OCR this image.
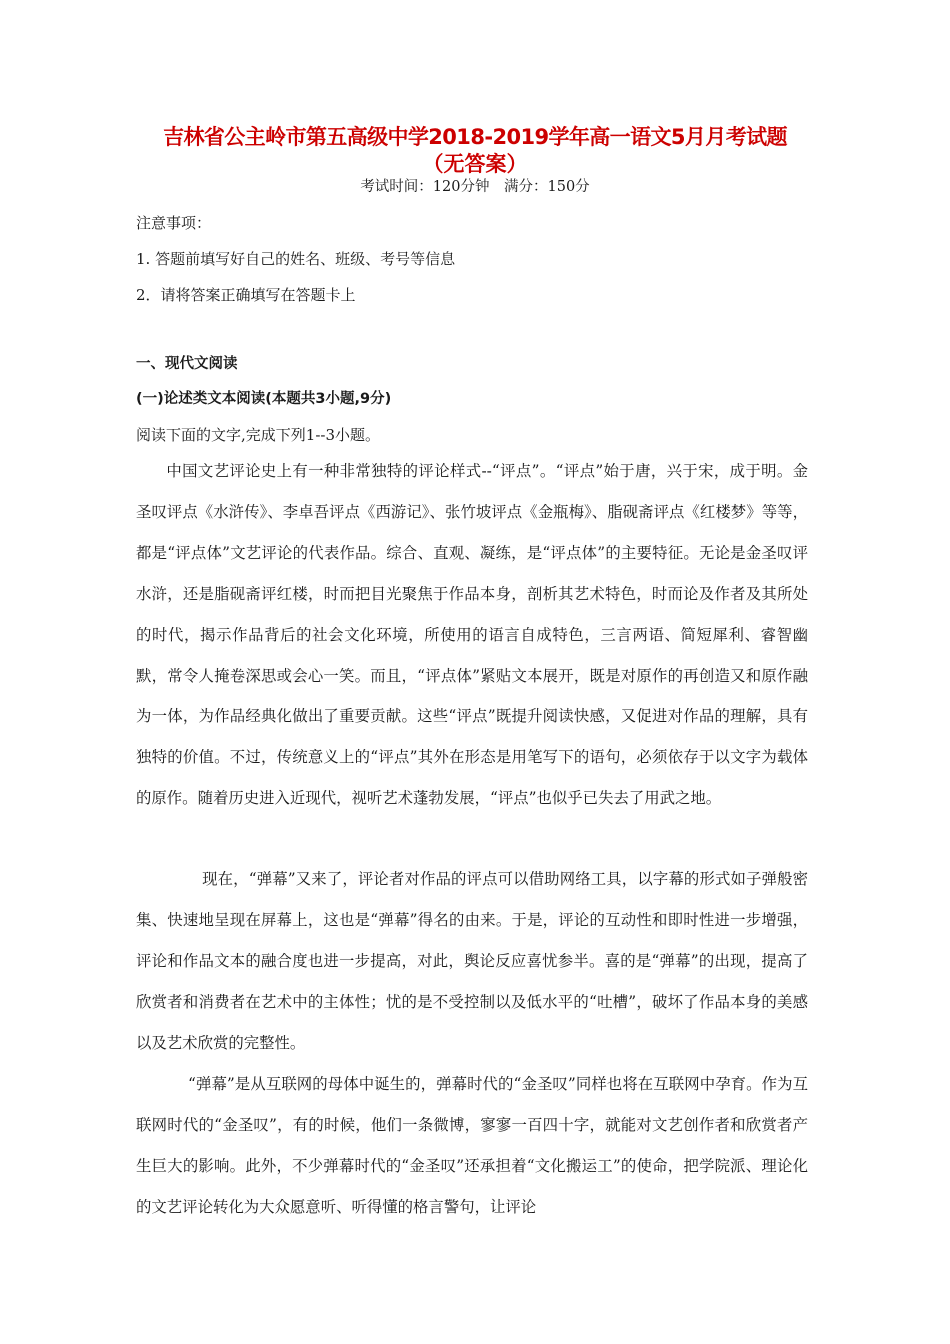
吉林省公主岭市第五高级中学2018-2019学年高一语文5月月考试题
（无答案）
考试时间：120分钟　满分：150分
注意事项：
1. 答题前填写好自己的姓名、班级、考号等信息
2．请将答案正确填写在答题卡上
一、现代文阅读
(一)论述类文本阅读(本题共3小题,9分)
阅读下面的文字,完成下列1--3小题。
中国文艺评论史上有一种非常独特的评论样式--“评点”。“评点”始于唐，兴于宋，成于明。金圣叹评点《水浒传》、李卓吾评点《西游记》、张竹坡评点《金瓶梅》、脂砚斋评点《红楼梦》等等，都是“评点体”文艺评论的代表作品。综合、直观、凝练，是“评点体”的主要特征。无论是金圣叹评水浒，还是脂砚斋评红楼，时而把目光聚焦于作品本身，剖析其艺术特色，时而论及作者及其所处的时代，揭示作品背后的社会文化环境，所使用的语言自成特色，三言两语、简短犀利、睿智幽默，常令人掩卷深思或会心一笑。而且，“评点体”紧贴文本展开，既是对原作的再创造又和原作融为一体，为作品经典化做出了重要贡献。这些“评点”既提升阅读快感，又促进对作品的理解，具有独特的价值。不过，传统意义上的“评点”其外在形态是用笔写下的语句，必须依存于以文字为载体的原作。随着历史进入近现代，视听艺术蓬勃发展，“评点”也似乎已失去了用武之地。
现在，“弹幕”又来了，评论者对作品的评点可以借助网络工具，以字幕的形式如子弹般密集、快速地呈现在屏幕上，这也是“弹幕”得名的由来。于是，评论的互动性和即时性进一步增强，评论和作品文本的融合度也进一步提高，对此，舆论反应喜忧参半。喜的是“弹幕”的出现，提高了欣赏者和消费者在艺术中的主体性；忧的是不受控制以及低水平的“吐槽”，破坏了作品本身的美感以及艺术欣赏的完整性。
“弹幕”是从互联网的母体中诞生的，弹幕时代的“金圣叹”同样也将在互联网中孕育。作为互联网时代的“金圣叹”，有的时候，他们一条微博，寥寥一百四十字，就能对文艺创作者和欣赏者产生巨大的影响。此外，不少弹幕时代的“金圣叹”还承担着“文化搬运工”的使命，把学院派、理论化的文艺评论转化为大众愿意听、听得懂的格言警句，让评论
